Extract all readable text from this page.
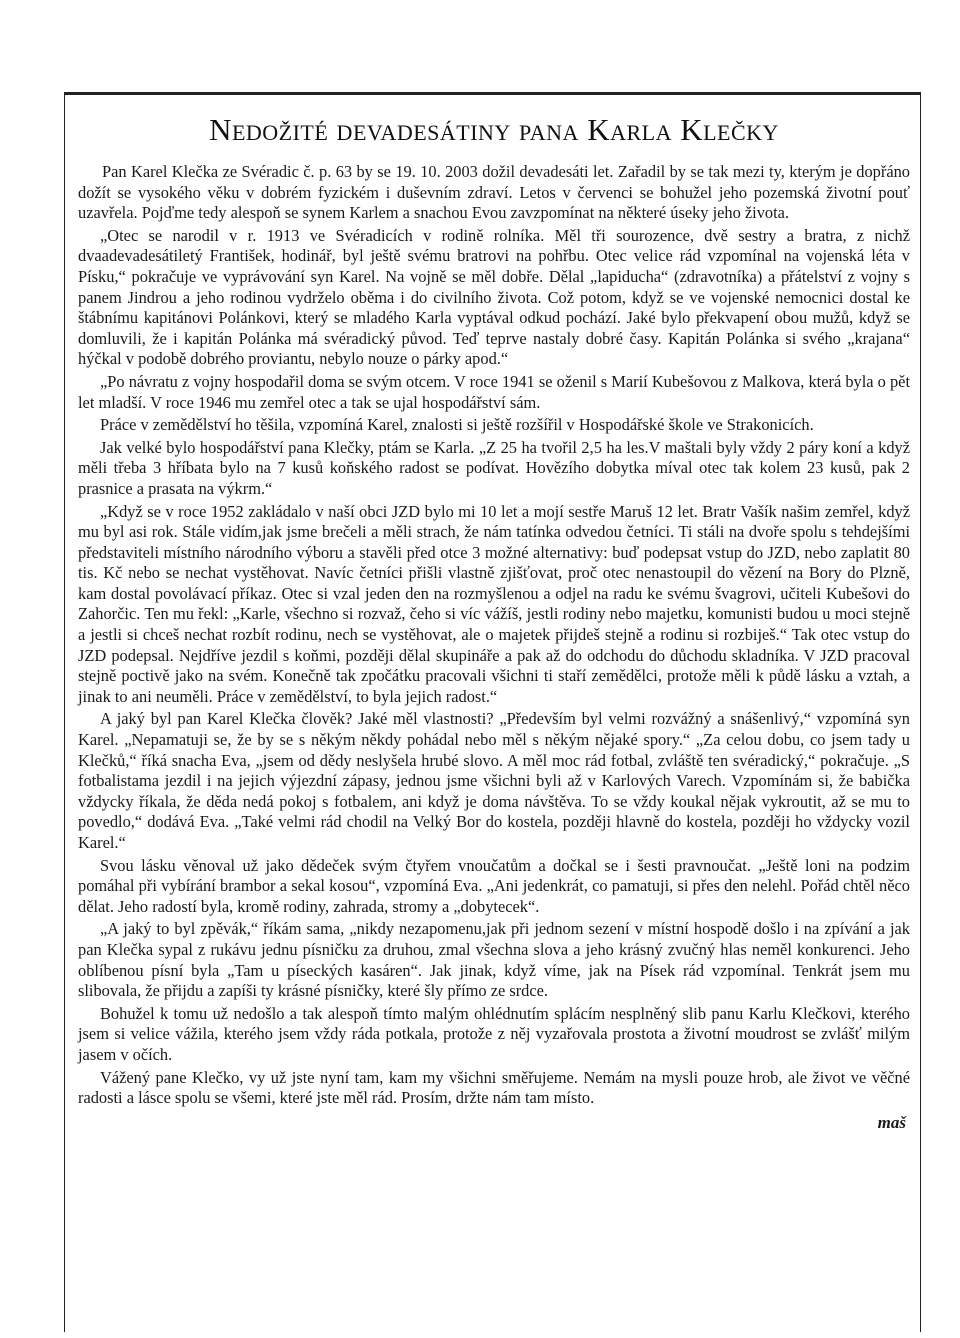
Nedožité devadesátiny pana Karla Klečky

Pan Karel Klečka ze Svéradic č. p. 63 by se 19. 10. 2003 dožil devadesáti let. Zařadil by se tak mezi ty, kterým je dopřáno dožít se vysokého věku v dobrém fyzickém i duševním zdraví. Letos v červenci se bohužel jeho pozemská životní pouť uzavřela. Pojďme tedy alespoň se synem Karlem a snachou Evou zavzpomínat na některé úseky jeho života.

„Otec se narodil v r. 1913 ve Svéradicích v rodině rolníka. Měl tři sourozence, dvě sestry a bratra, z nichž dvaadevadesátiletý František, hodinář, byl ještě svému bratrovi na pohřbu. Otec velice rád vzpomínal na vojenská léta v Písku,“ pokračuje ve vyprávování syn Karel. Na vojně se měl dobře. Dělal „lapiducha“ (zdravotníka) a přátelství z vojny s panem Jindrou a jeho rodinou vydrželo oběma i do civilního života. Což potom, když se ve vojenské nemocnici dostal ke štábnímu kapitánovi Polánkovi, který se mladého Karla vyptával odkud pochází. Jaké bylo překvapení obou mužů, když se domluvili, že i kapitán Polánka má svéradický původ. Teď teprve nastaly dobré časy. Kapitán Polánka si svého „krajana“ hýčkal v podobě dobrého proviantu, nebylo nouze o párky apod.“

„Po návratu z vojny hospodařil doma se svým otcem. V roce 1941 se oženil s Marií Kubešovou z Malkova, která byla o pět let mladší. V roce 1946 mu zemřel otec a tak se ujal hospodářství sám.

Práce v zemědělství ho těšila, vzpomíná Karel, znalosti si ještě rozšířil v Hospodářské škole ve Strakonicích.

Jak velké bylo hospodářství pana Klečky, ptám se Karla. „Z 25 ha tvořil 2,5 ha les.V maštali byly vždy 2 páry koní a když měli třeba 3 hříbata bylo na 7 kusů koňského radost se podívat. Hovězího dobytka míval otec tak kolem 23 kusů, pak 2 prasnice a prasata na výkrm.“

„Když se v roce 1952 zakládalo v naší obci JZD bylo mi 10 let a mojí sestře Maruš 12 let. Bratr Vašík našim zemřel, když mu byl asi rok. Stále vidím,jak jsme brečeli a měli strach, že nám tatínka odvedou četníci. Ti stáli na dvoře spolu s tehdejšími představiteli místního národního výboru a stavěli před otce 3 možné alternativy: buď podepsat vstup do JZD, nebo zaplatit 80 tis. Kč nebo se nechat vystěhovat. Navíc četníci přišli vlastně zjišťovat, proč otec nenastoupil do vězení na Bory do Plzně, kam dostal povolávací příkaz. Otec si vzal jeden den na rozmyšlenou a odjel na radu ke svému švagrovi, učiteli Kubešovi do Zahorčic. Ten mu řekl: „Karle, všechno si rozvaž, čeho si víc vážíš, jestli rodiny nebo majetku, komunisti budou u moci stejně a jestli si chceš nechat rozbít rodinu, nech se vystěhovat, ale o majetek přijdeš stejně a rodinu si rozbiješ.“ Tak otec vstup do JZD podepsal. Nejdříve jezdil s koňmi, později dělal skupináře a pak až do odchodu do důchodu skladníka. V JZD pracoval stejně poctivě jako na svém. Konečně tak zpočátku pracovali všichni ti staří zemědělci, protože měli k půdě lásku a vztah, a jinak to ani neuměli. Práce v zemědělství, to byla jejich radost.“

A jaký byl pan Karel Klečka člověk? Jaké měl vlastnosti? „Především byl velmi rozvážný a snášenlivý,“ vzpomíná syn Karel. „Nepamatuji se, že by se s někým někdy pohádal nebo měl s někým nějaké spory.“ „Za celou dobu, co jsem tady u Klečků,“ říká snacha Eva, „jsem od dědy neslyšela hrubé slovo. A měl moc rád fotbal, zvláště ten svéradický,“ pokračuje. „S fotbalistama jezdil i na jejich výjezdní zápasy, jednou jsme všichni byli až v Karlových Varech. Vzpomínám si, že babička vždycky říkala, že děda nedá pokoj s fotbalem, ani když je doma návštěva. To se vždy koukal nějak vykroutit, až se mu to povedlo,“ dodává Eva. „Také velmi rád chodil na Velký Bor do kostela, později hlavně do kostela, později ho vždycky vozil Karel.“

Svou lásku věnoval už jako dědeček svým čtyřem vnoučatům a dočkal se i šesti pravnoučat. „Ještě loni na podzim pomáhal při vybírání brambor a sekal kosou“, vzpomíná Eva. „Ani jedenkrát, co pamatuji, si přes den nelehl. Pořád chtěl něco dělat. Jeho radostí byla, kromě rodiny, zahrada, stromy a „dobytecek“.

„A jaký to byl zpěvák,“ říkám sama, „nikdy nezapomenu,jak při jednom sezení v místní hospodě došlo i na zpívání a jak pan Klečka sypal z rukávu jednu písničku za druhou, zmal všechna slova a jeho krásný zvučný hlas neměl konkurenci. Jeho oblíbenou písní byla „Tam u píseckých kasáren“. Jak jinak, když víme, jak na Písek rád vzpomínal. Tenkrát jsem mu slibovala, že přijdu a zapíši ty krásné písničky, které šly přímo ze srdce.

Bohužel k tomu už nedošlo a tak alespoň tímto malým ohlédnutím splácím nesplněný slib panu Karlu Klečkovi, kterého jsem si velice vážila, kterého jsem vždy ráda potkala, protože z něj vyzařovala prostota a životní moudrost se zvlášť milým jasem v očích.

Vážený pane Klečko, vy už jste nyní tam, kam my všichni směřujeme. Nemám na mysli pouze hrob, ale život ve věčné radosti a lásce spolu se všemi, které jste měl rád. Prosím, držte nám tam místo.

maš
